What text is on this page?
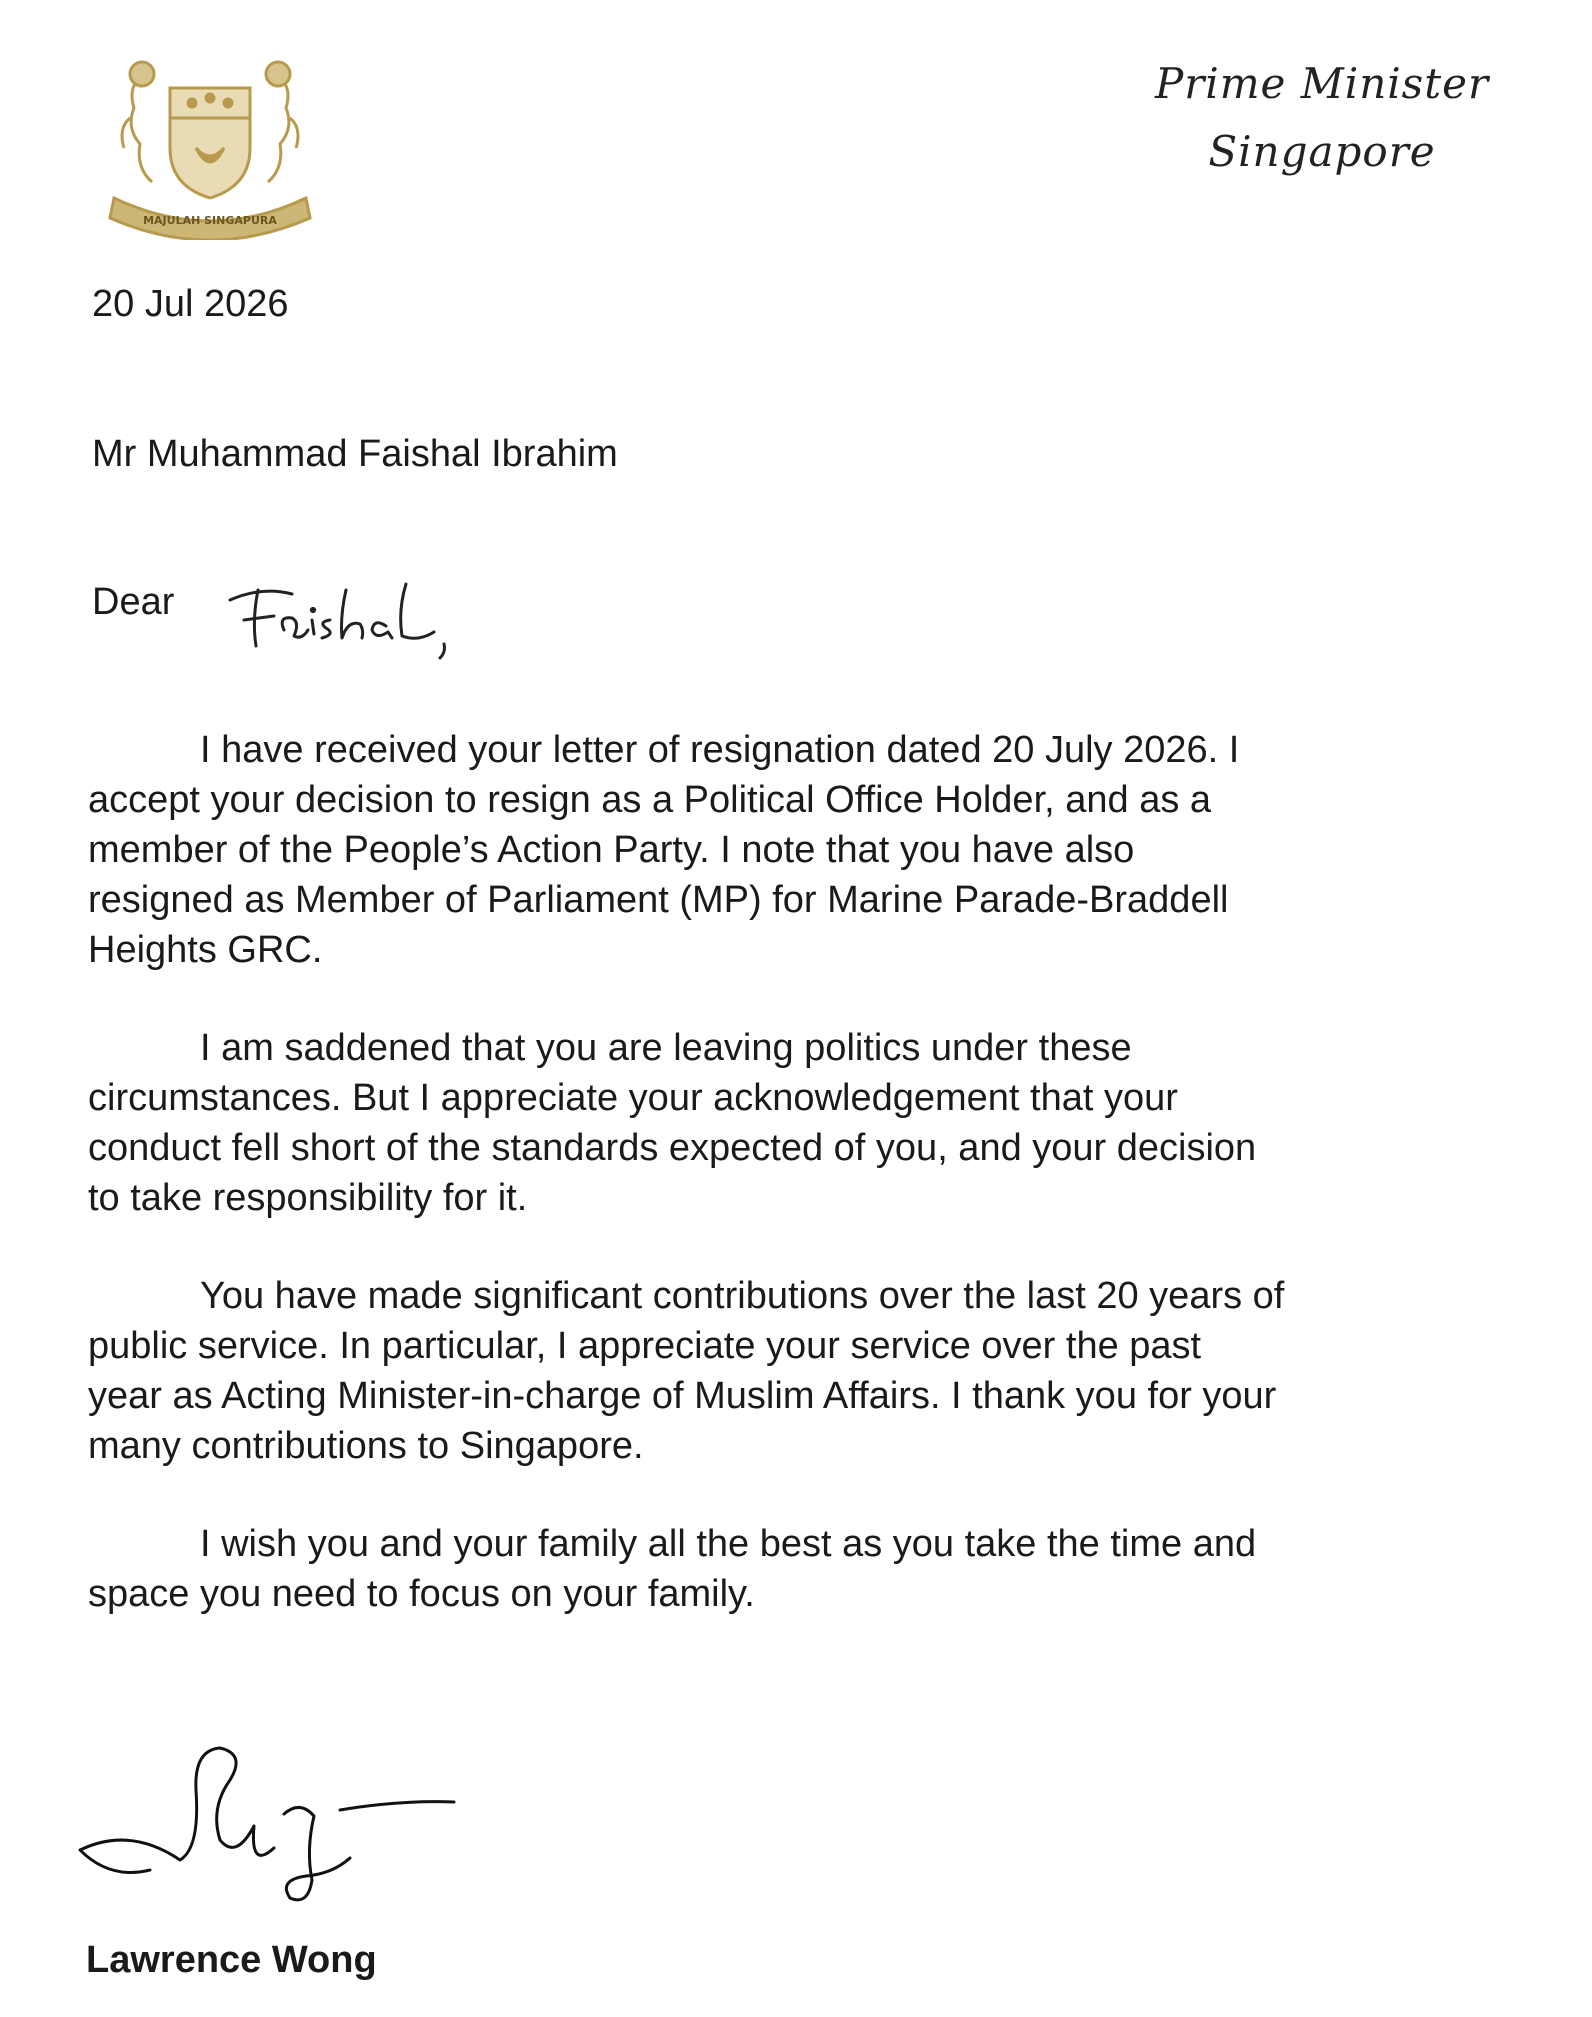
MAJULAH SINGAPURA
Prime Minister
Singapore
20 Jul 2026
Mr Muhammad Faishal Ibrahim
Dear

I have received your letter of resignation dated 20 July 2026. I
accept your decision to resign as a Political Office Holder, and as a
member of the People’s Action Party. I note that you have also
resigned as Member of Parliament (MP) for Marine Parade-Braddell
Heights GRC.

I am saddened that you are leaving politics under these
circumstances. But I appreciate your acknowledgement that your
conduct fell short of the standards expected of you, and your decision
to take responsibility for it.

You have made significant contributions over the last 20 years of
public service. In particular, I appreciate your service over the past
year as Acting Minister-in-charge of Muslim Affairs. I thank you for your
many contributions to Singapore.

I wish you and your family all the best as you take the time and
space you need to focus on your family.

Lawrence Wong
